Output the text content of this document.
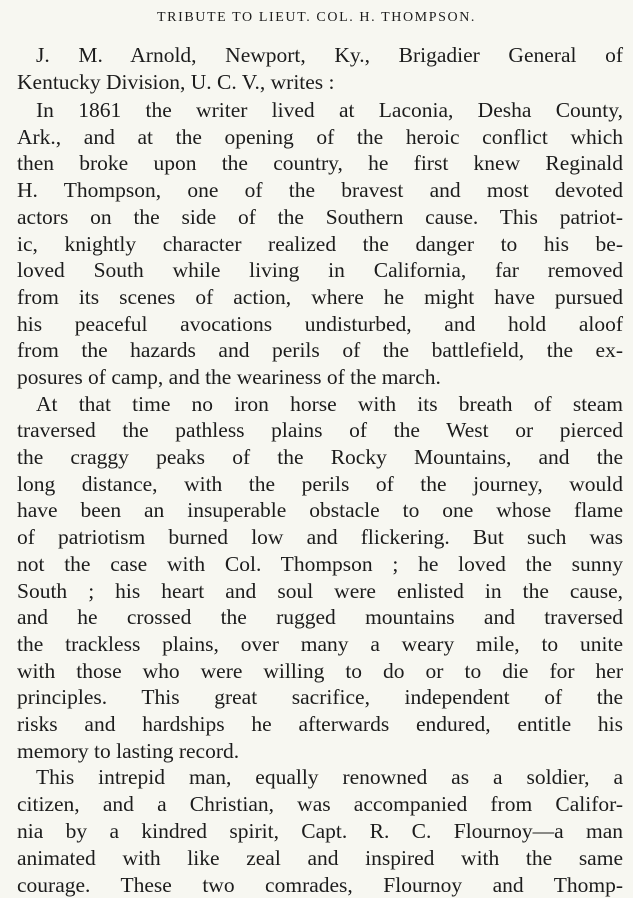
TRIBUTE TO LIEUT. COL. H. THOMPSON.
J. M. Arnold, Newport, Ky., Brigadier General of
Kentucky Division, U. C. V., writes :
In 1861 the writer lived at Laconia, Desha County,
Ark., and at the opening of the heroic conflict which
then broke upon the country, he first knew Reginald
H. Thompson, one of the bravest and most devoted
actors on the side of the Southern cause. This patriot-
ic, knightly character realized the danger to his be-
loved South while living in California, far removed
from its scenes of action, where he might have pursued
his peaceful avocations undisturbed, and hold aloof
from the hazards and perils of the battlefield, the ex-
posures of camp, and the weariness of the march.
At that time no iron horse with its breath of steam
traversed the pathless plains of the West or pierced
the craggy peaks of the Rocky Mountains, and the
long distance, with the perils of the journey, would
have been an insuperable obstacle to one whose flame
of patriotism burned low and flickering. But such was
not the case with Col. Thompson ; he loved the sunny
South ; his heart and soul were enlisted in the cause,
and he crossed the rugged mountains and traversed
the trackless plains, over many a weary mile, to unite
with those who were willing to do or to die for her
principles. This great sacrifice, independent of the
risks and hardships he afterwards endured, entitle his
memory to lasting record.
This intrepid man, equally renowned as a soldier, a
citizen, and a Christian, was accompanied from Califor-
nia by a kindred spirit, Capt. R. C. Flournoy—a man
animated with like zeal and inspired with the same
courage. These two comrades, Flournoy and Thomp-
